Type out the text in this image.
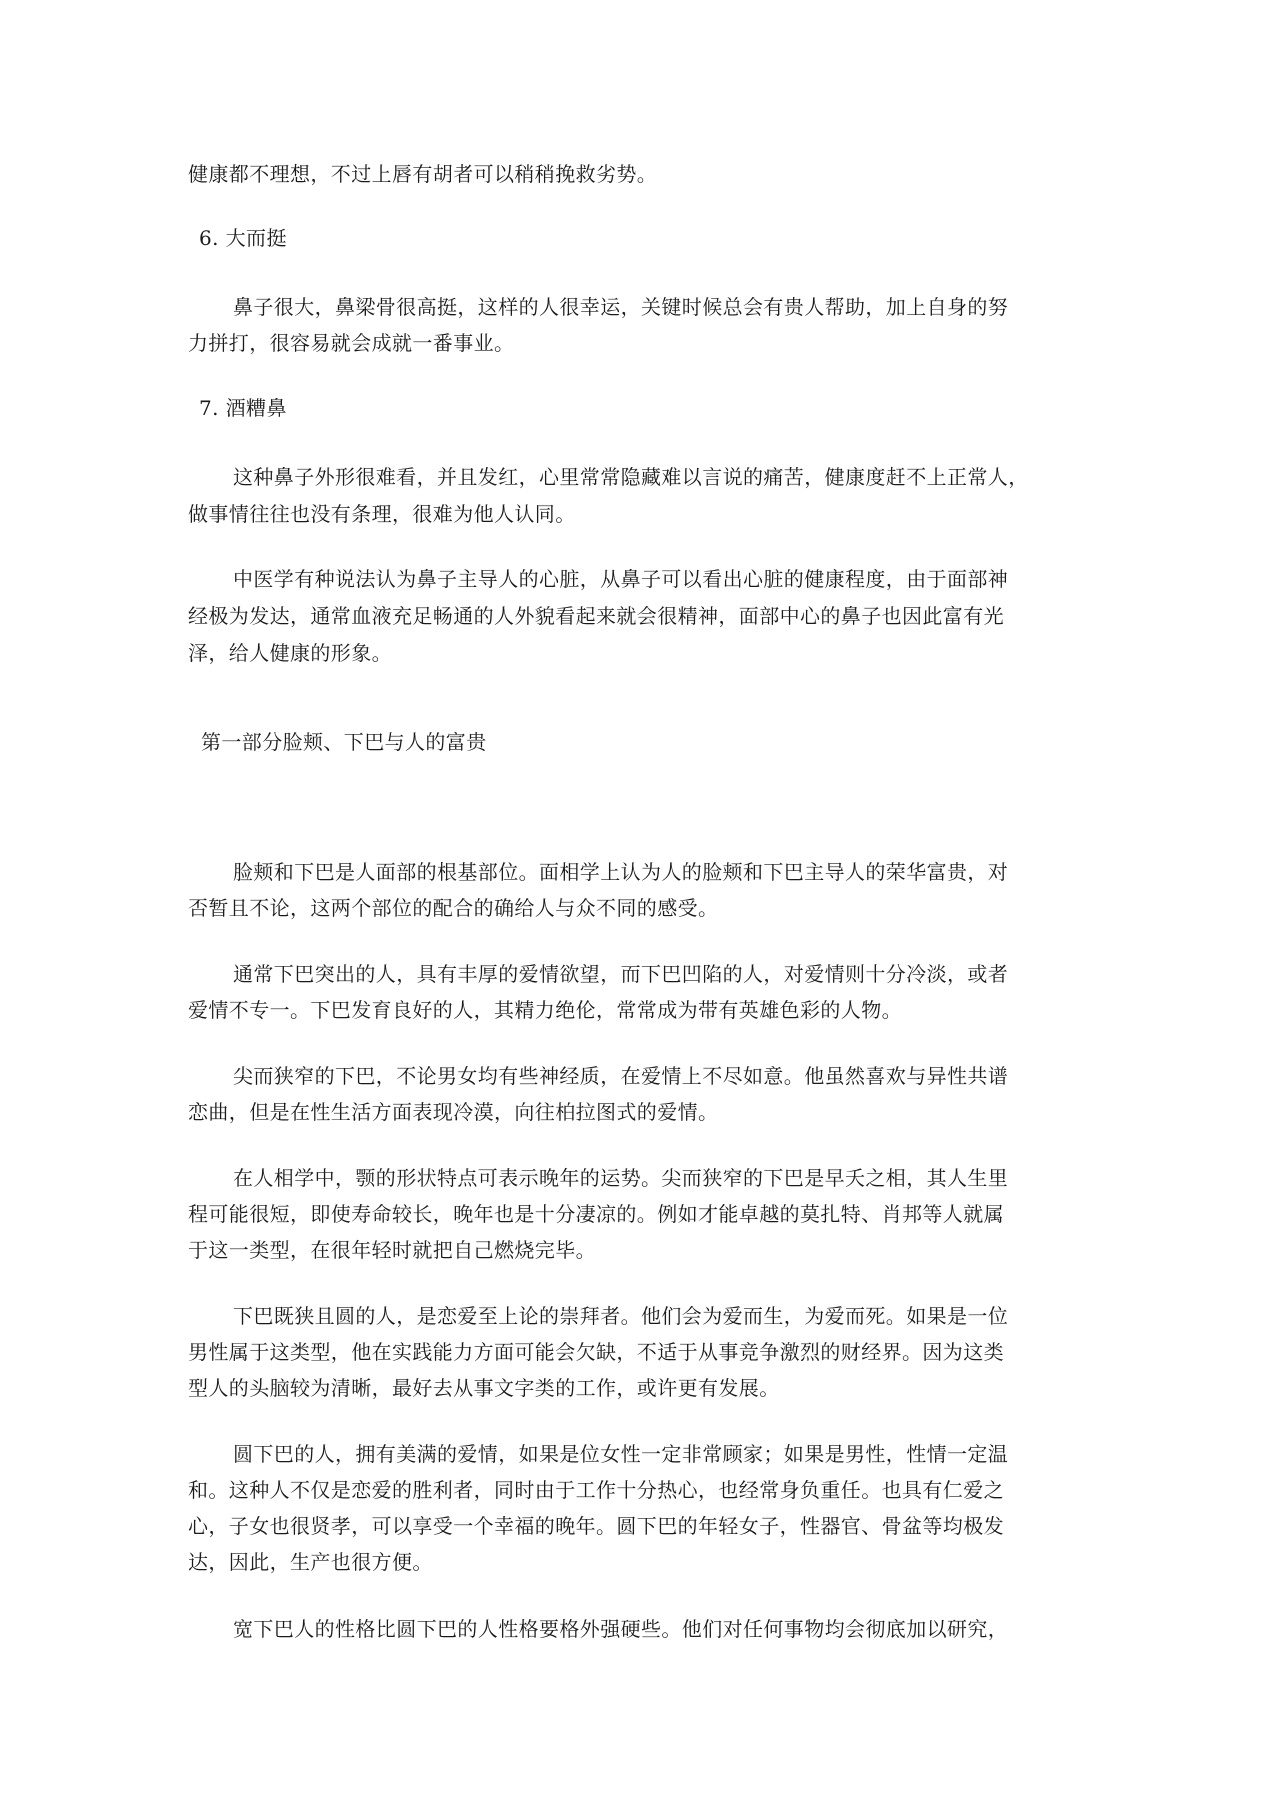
健康都不理想，不过上唇有胡者可以稍稍挽救劣势。

6. 大而挺

鼻子很大，鼻梁骨很高挺，这样的人很幸运，关键时候总会有贵人帮助，加上自身的努

力拼打，很容易就会成就一番事业。

7. 酒糟鼻

这种鼻子外形很难看，并且发红，心里常常隐藏难以言说的痛苦，健康度赶不上正常人，

做事情往往也没有条理，很难为他人认同。

中医学有种说法认为鼻子主导人的心脏，从鼻子可以看出心脏的健康程度，由于面部神

经极为发达，通常血液充足畅通的人外貌看起来就会很精神，面部中心的鼻子也因此富有光

泽，给人健康的形象。

第一部分脸颊、下巴与人的富贵

脸颊和下巴是人面部的根基部位。面相学上认为人的脸颊和下巴主导人的荣华富贵，对

否暂且不论，这两个部位的配合的确给人与众不同的感受。

通常下巴突出的人，具有丰厚的爱情欲望，而下巴凹陷的人，对爱情则十分冷淡，或者

爱情不专一。下巴发育良好的人，其精力绝伦，常常成为带有英雄色彩的人物。

尖而狭窄的下巴，不论男女均有些神经质，在爱情上不尽如意。他虽然喜欢与异性共谱

恋曲，但是在性生活方面表现冷漠，向往柏拉图式的爱情。

在人相学中，颚的形状特点可表示晚年的运势。尖而狭窄的下巴是早夭之相，其人生里

程可能很短，即使寿命较长，晚年也是十分凄凉的。例如才能卓越的莫扎特、肖邦等人就属

于这一类型，在很年轻时就把自己燃烧完毕。

下巴既狭且圆的人，是恋爱至上论的崇拜者。他们会为爱而生，为爱而死。如果是一位

男性属于这类型，他在实践能力方面可能会欠缺，不适于从事竞争激烈的财经界。因为这类

型人的头脑较为清晰，最好去从事文字类的工作，或许更有发展。

圆下巴的人，拥有美满的爱情，如果是位女性一定非常顾家；如果是男性，性情一定温

和。这种人不仅是恋爱的胜利者，同时由于工作十分热心，也经常身负重任。也具有仁爱之

心，子女也很贤孝，可以享受一个幸福的晚年。圆下巴的年轻女子，性器官、骨盆等均极发

达，因此，生产也很方便。

宽下巴人的性格比圆下巴的人性格要格外强硬些。他们对任何事物均会彻底加以研究，
